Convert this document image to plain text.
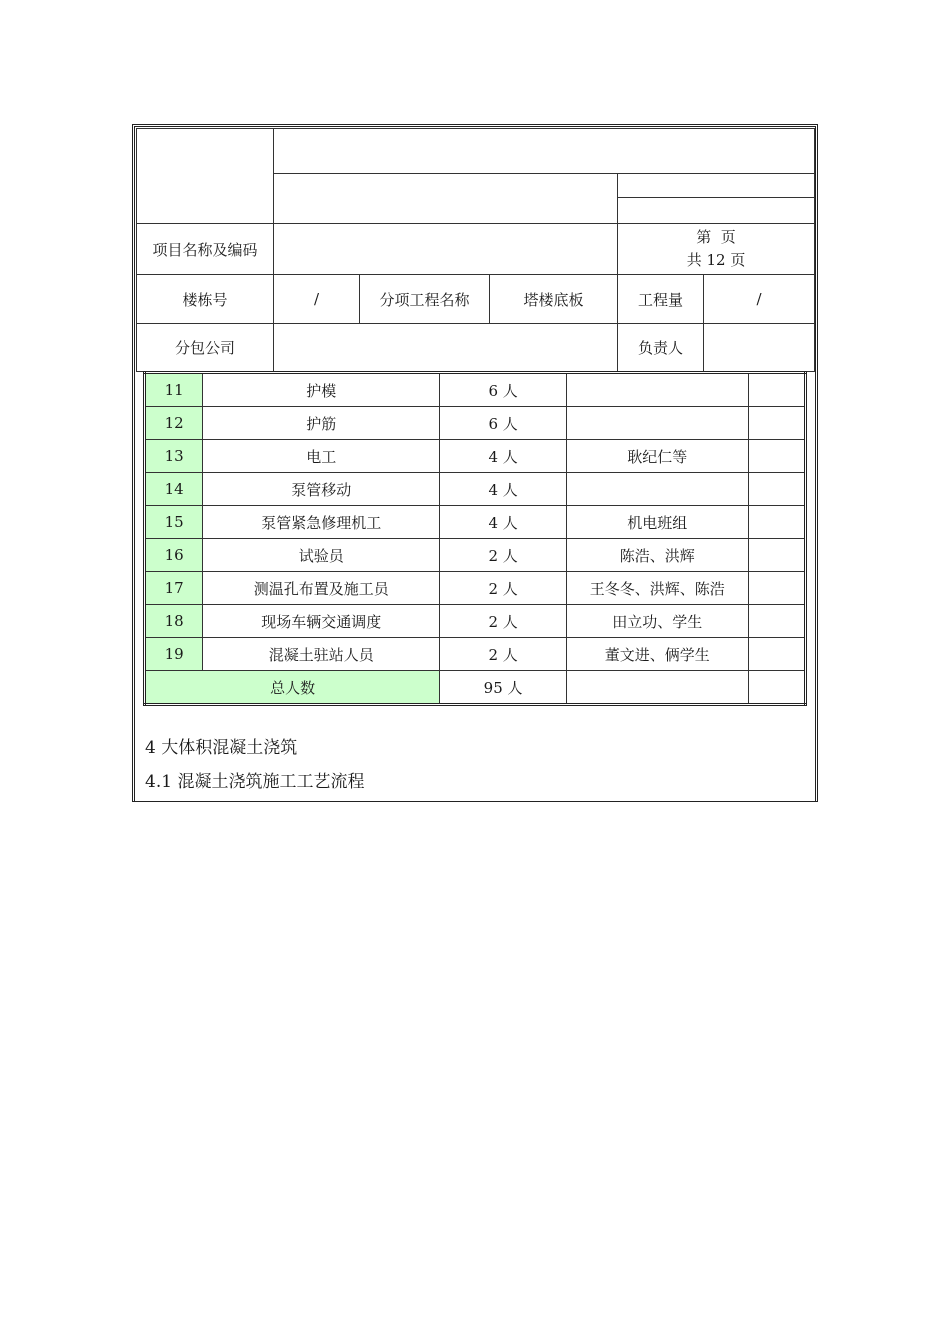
项目名称及编码				第  页
共 12 页	

楼栋号	/	分项工程名称	塔楼底板	工程量	/
分包公司				负责人	
11	护模	6 人		
12	护筋	6 人		
13	电工	4 人	耿纪仁等	
14	泵管移动	4 人		
15	泵管紧急修理机工	4 人	机电班组	
16	试验员	2 人	陈浩、洪辉	
17	测温孔布置及施工员	2 人	王冬冬、洪辉、陈浩	
18	现场车辆交通调度	2 人	田立功、学生	
19	混凝土驻站人员	2 人	董文进、俩学生	
总人数		95 人		
4 大体积混凝土浇筑
4.1 混凝土浇筑施工工艺流程
